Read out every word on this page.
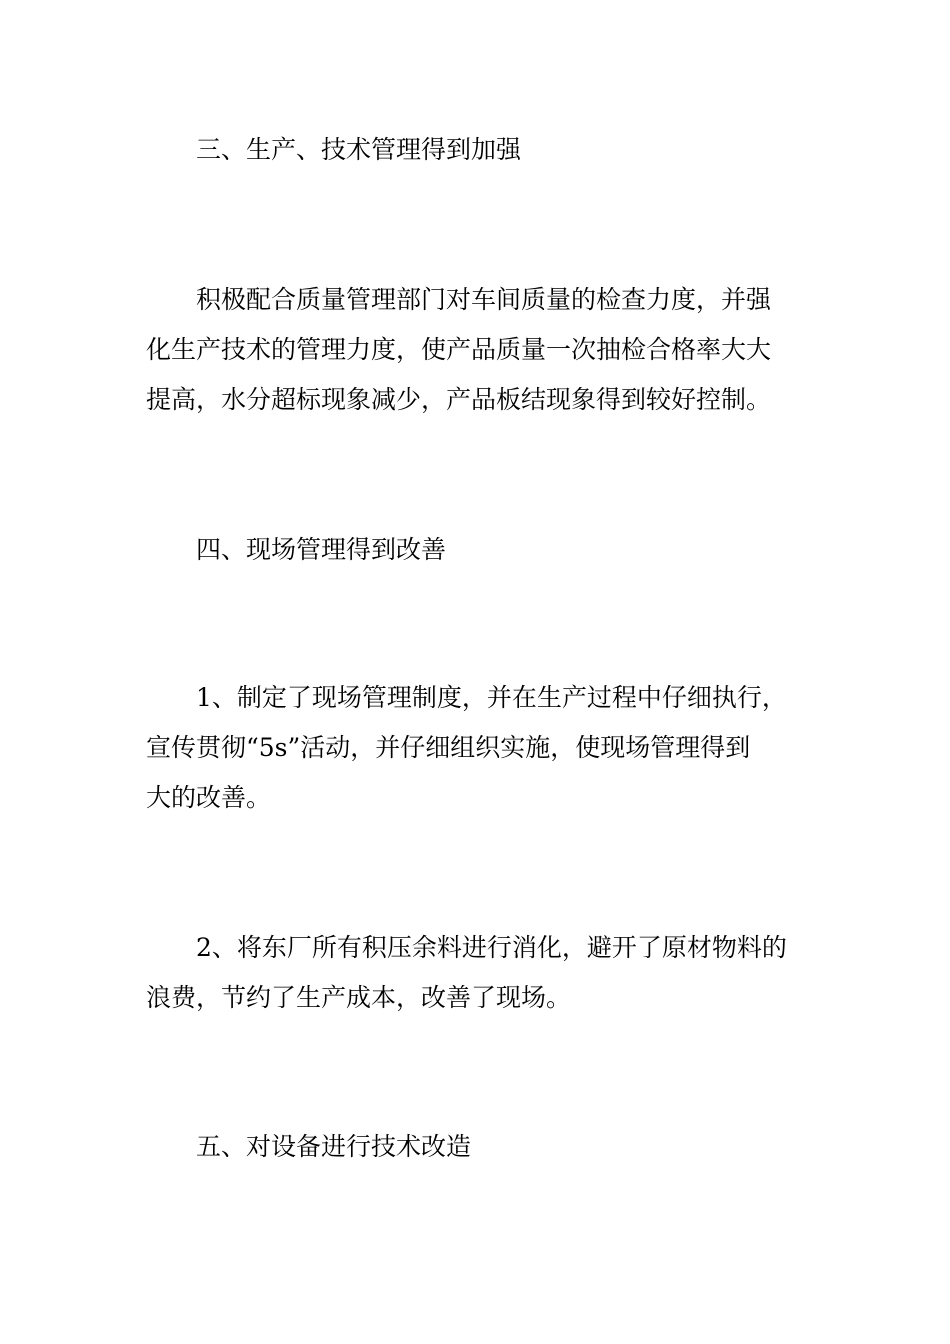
三、生产、技术管理得到加强

积极配合质量管理部门对车间质量的检查力度，并强
化生产技术的管理力度，使产品质量一次抽检合格率大大
提高，水分超标现象减少，产品板结现象得到较好控制。

四、现场管理得到改善

1、制定了现场管理制度，并在生产过程中仔细执行，
宣传贯彻“5s”活动，并仔细组织实施，使现场管理得到
大的改善。

2、将东厂所有积压余料进行消化，避开了原材物料的
浪费，节约了生产成本，改善了现场。

五、对设备进行技术改造
